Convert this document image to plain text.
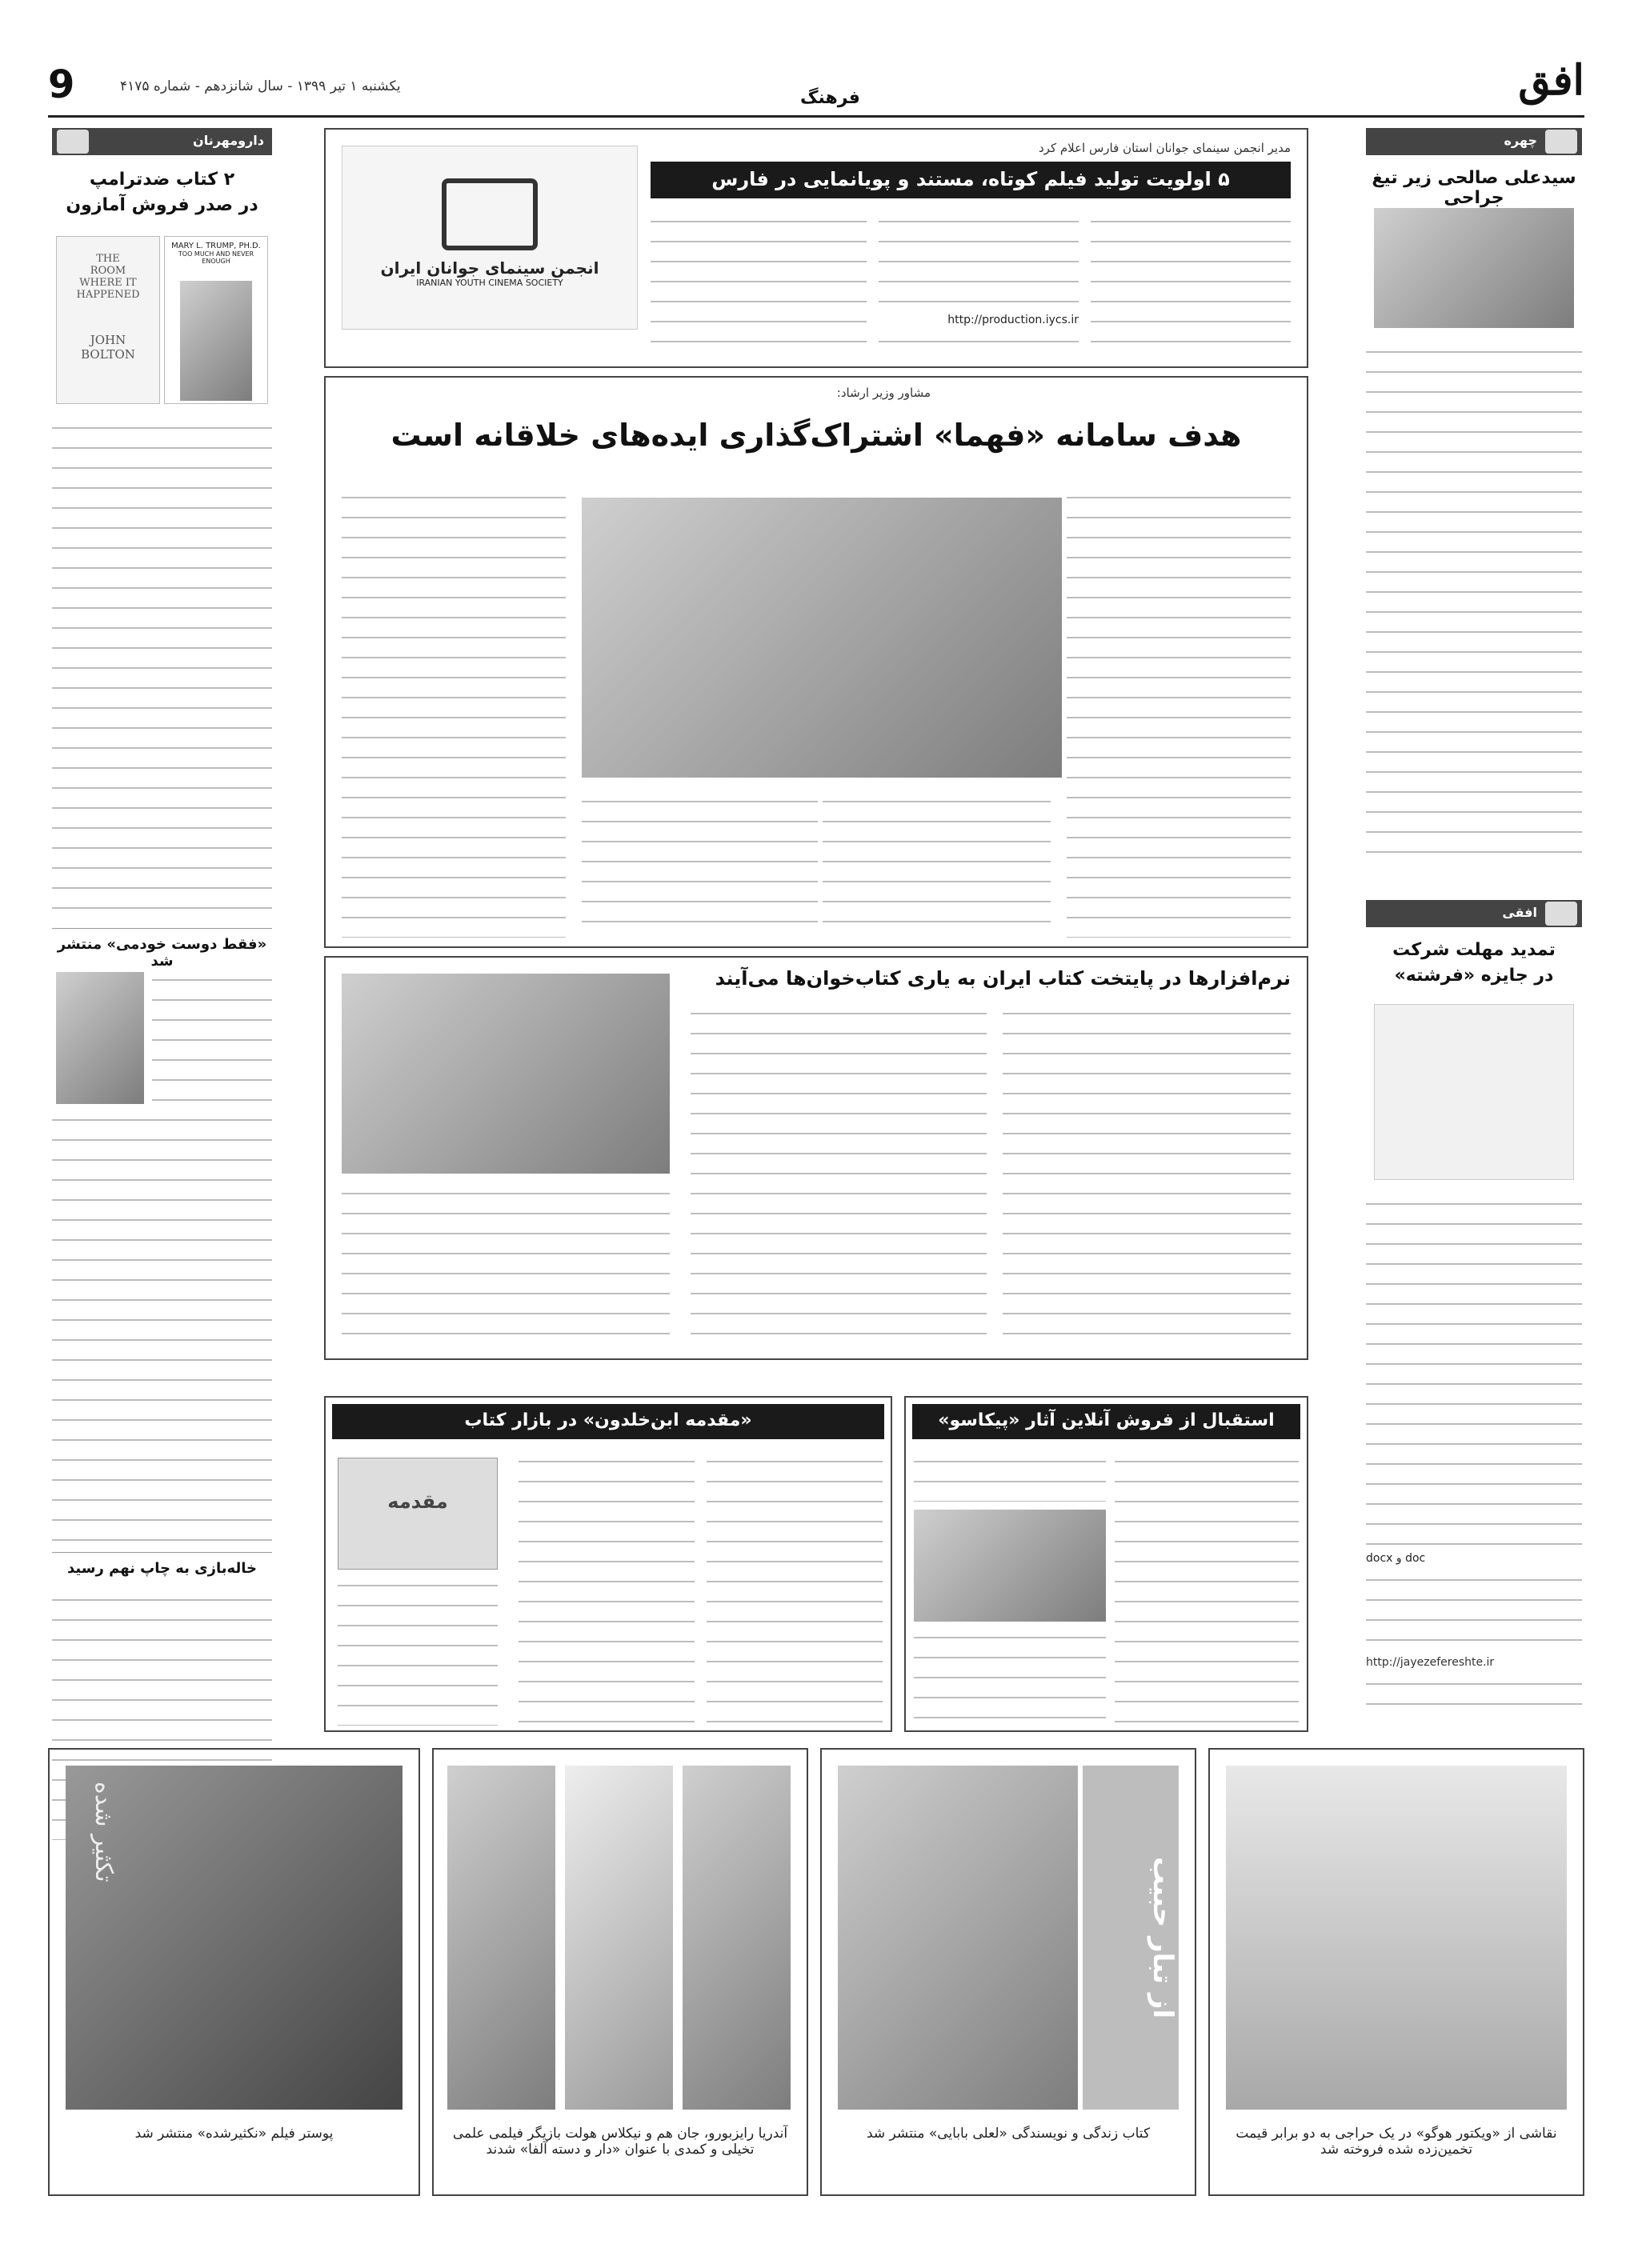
9	یکشنبه ۱ تیر ۱۳۹۹ - سال شانزدهم - شماره ۴۱۷۵
فرهنگ	افق
چهره
سیدعلی صالحی زیر تیغ جراحی
افقی
تمدید مهلت شرکت
در جایزه «فرشته»
docx و doc
http://jayezefereshte.ir
دارومهرنان
۲ کتاب ضدترامپ
در صدر فروش آمازون
THE
ROOM
WHERE IT
HAPPENED
JOHN
BOLTON
MARY L. TRUMP, PH.D.
TOO MUCH AND NEVER ENOUGH
«فقط دوست خودمی» منتشر شد
خاله‌بازی به چاپ نهم رسید
انجمن سینمای جوانان ایران
IRANIAN YOUTH CINEMA SOCIETY
مدیر انجمن سینمای جوانان استان فارس اعلام کرد
۵ اولویت تولید فیلم کوتاه، مستند و پویانمایی در فارس
http://production.iycs.ir
مشاور وزیر ارشاد:
هدف سامانه «فهما» اشتراک‌گذاری ایده‌های خلاقانه است
نرم‌افزارها در پایتخت کتاب ایران به یاری کتاب‌خوان‌ها می‌آیند
استقبال از فروش آنلاین آثار «پیکاسو»
«مقدمه ابن‌خلدون» در بازار کتاب
مقدمه
نقاشی از «ویکتور هوگو» در یک حراجی به دو برابر قیمت تخمین‌زده شده فروخته شد
از تبار حبیب
کتاب زندگی و نویسندگی «لعلی بابایی» منتشر شد
آندریا رایزبورو، جان هم و نیکلاس هولت بازیگر فیلمی علمی تخیلی و کمدی با عنوان «دار و دسته آلفا» شدند
تکثیر شده
پوستر فیلم «نکثیرشده» منتشر شد
